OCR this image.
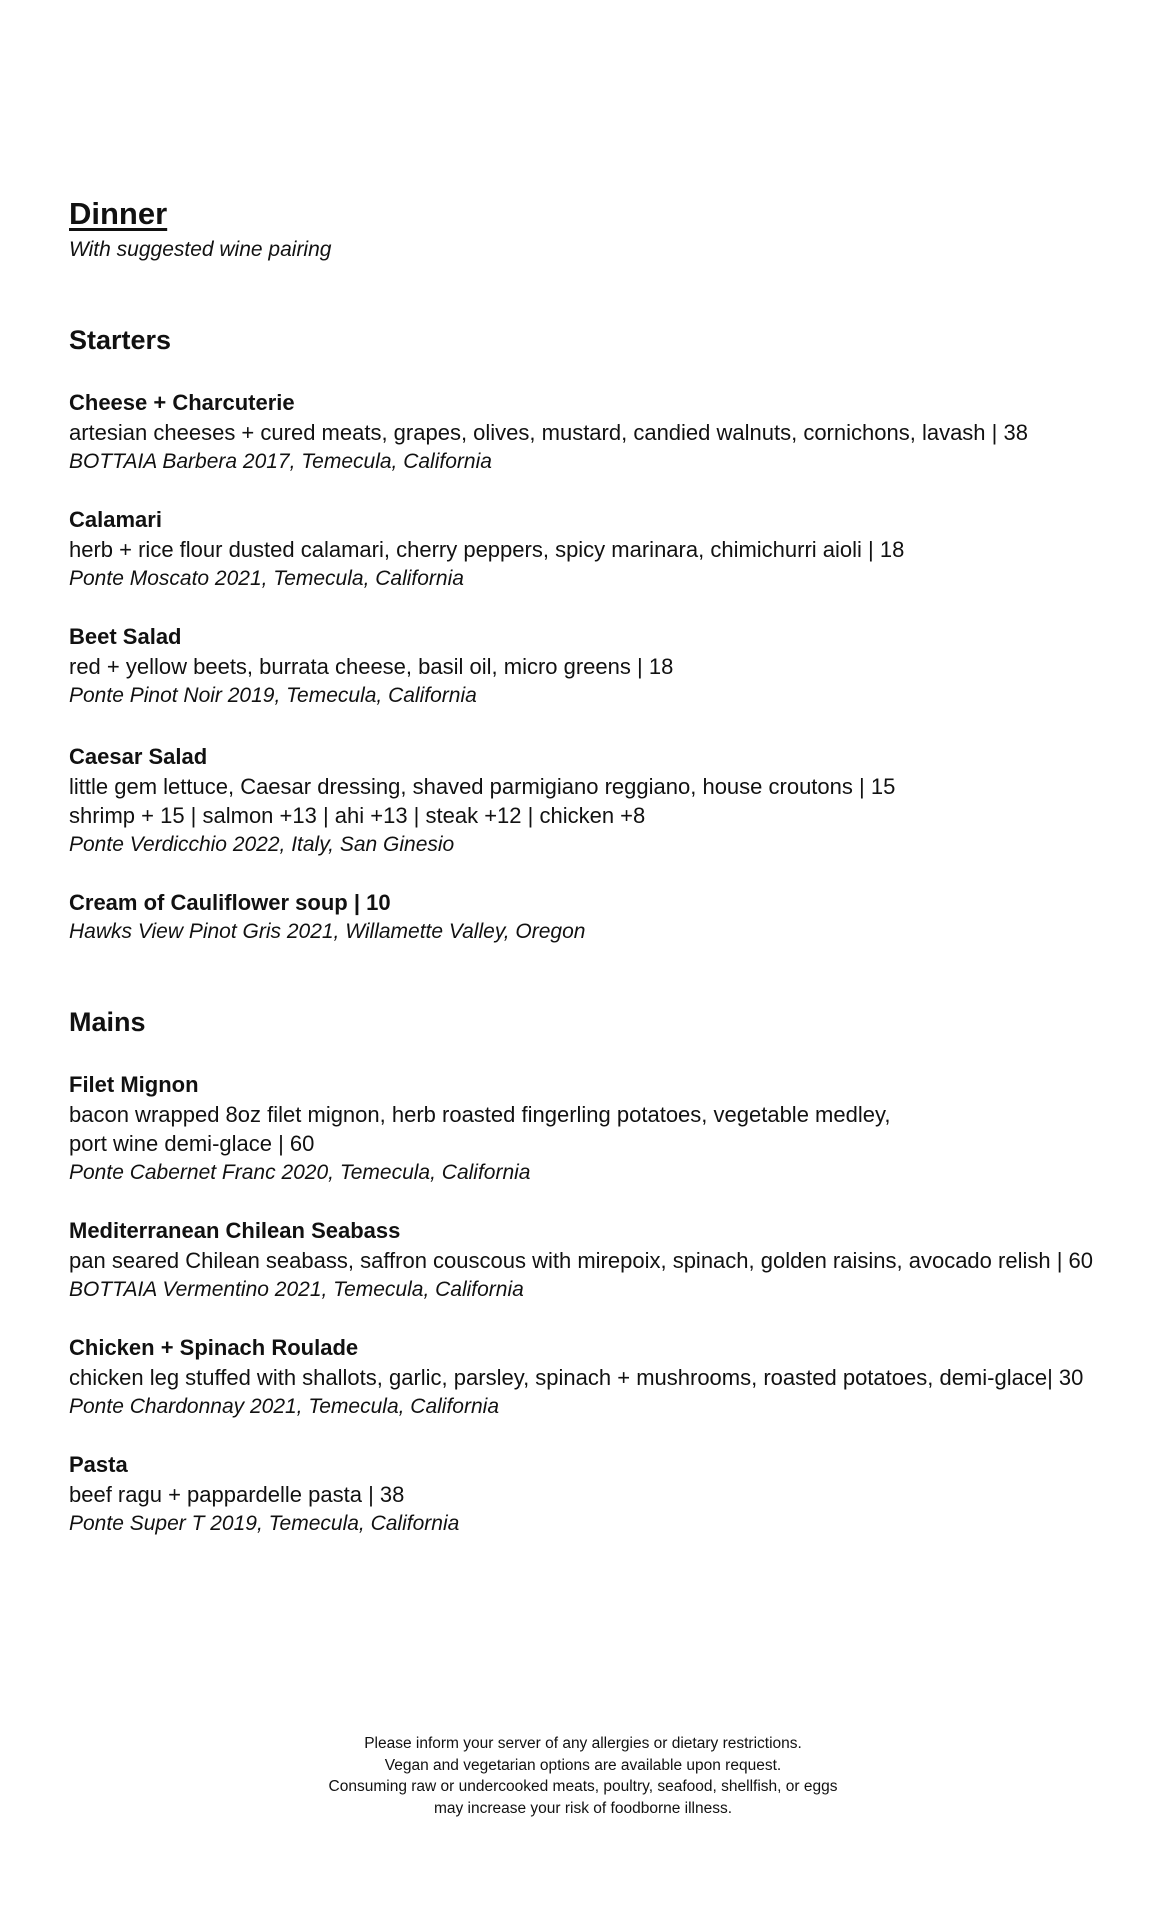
Dinner
With suggested wine pairing
Starters
Cheese + Charcuterie
artesian cheeses + cured meats, grapes, olives, mustard, candied walnuts, cornichons, lavash | 38
BOTTAIA Barbera 2017, Temecula, California
Calamari
herb + rice flour dusted calamari, cherry peppers, spicy marinara, chimichurri aioli | 18
Ponte Moscato 2021, Temecula, California
Beet Salad
red + yellow beets, burrata cheese, basil oil, micro greens | 18
Ponte Pinot Noir 2019, Temecula, California
Caesar Salad
little gem lettuce, Caesar dressing, shaved parmigiano reggiano, house croutons | 15
shrimp + 15 | salmon +13 | ahi +13 | steak +12 | chicken +8
Ponte Verdicchio 2022, Italy, San Ginesio
Cream of Cauliflower soup | 10
Hawks View Pinot Gris 2021, Willamette Valley, Oregon
Mains
Filet Mignon
bacon wrapped 8oz filet mignon, herb roasted fingerling potatoes, vegetable medley,
port wine demi-glace | 60
Ponte Cabernet Franc 2020, Temecula, California
Mediterranean Chilean Seabass
pan seared Chilean seabass, saffron couscous with mirepoix, spinach, golden raisins, avocado relish | 60
BOTTAIA Vermentino 2021, Temecula, California
Chicken + Spinach Roulade
chicken leg stuffed with shallots, garlic, parsley, spinach + mushrooms, roasted potatoes, demi-glace| 30
Ponte Chardonnay 2021, Temecula, California
Pasta
beef ragu + pappardelle pasta | 38
Ponte Super T 2019, Temecula, California
Please inform your server of any allergies or dietary restrictions.
Vegan and vegetarian options are available upon request.
Consuming raw or undercooked meats, poultry, seafood, shellfish, or eggs
may increase your risk of foodborne illness.
